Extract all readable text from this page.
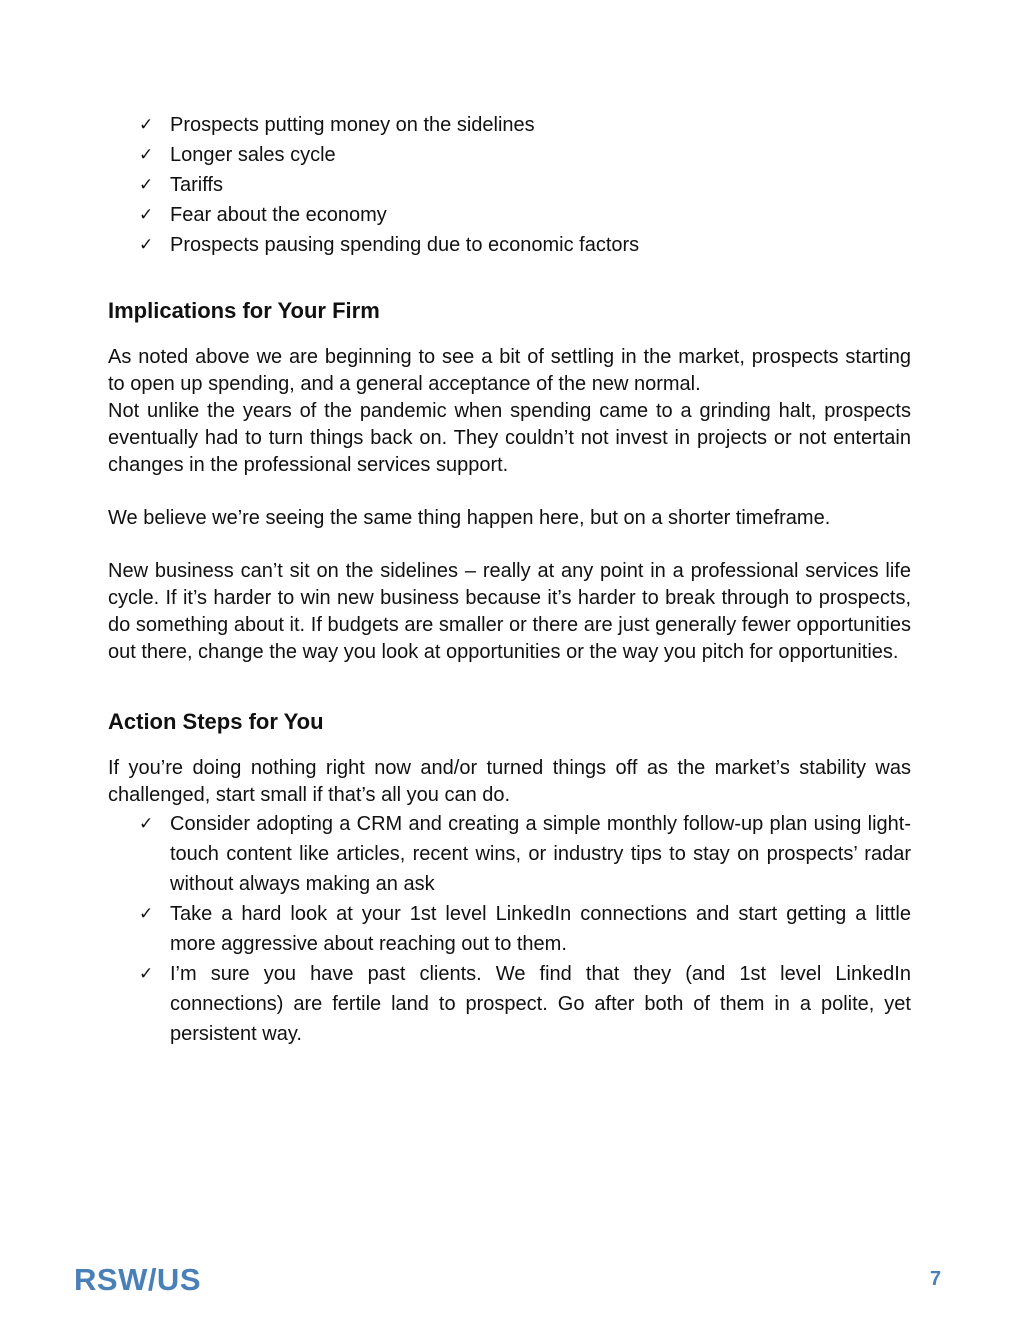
✓ Prospects putting money on the sidelines
✓ Longer sales cycle
✓ Tariffs
✓ Fear about the economy
✓ Prospects pausing spending due to economic factors
Implications for Your Firm

As noted above we are beginning to see a bit of settling in the market, prospects starting to open up spending, and a general acceptance of the new normal.

Not unlike the years of the pandemic when spending came to a grinding halt, prospects eventually had to turn things back on. They couldn’t not invest in projects or not entertain changes in the professional services support.

We believe we’re seeing the same thing happen here, but on a shorter timeframe.

New business can’t sit on the sidelines – really at any point in a professional services life cycle. If it’s harder to win new business because it’s harder to break through to prospects, do something about it. If budgets are smaller or there are just generally fewer opportunities out there, change the way you look at opportunities or the way you pitch for opportunities.

Action Steps for You

If you’re doing nothing right now and/or turned things off as the market’s stability was challenged, start small if that’s all you can do.

✓ Consider adopting a CRM and creating a simple monthly follow-up plan using light-touch content like articles, recent wins, or industry tips to stay on prospects’ radar without always making an ask
✓ Take a hard look at your 1st level LinkedIn connections and start getting a little more aggressive about reaching out to them.
✓ I’m sure you have past clients. We find that they (and 1st level LinkedIn connections) are fertile land to prospect. Go after both of them in a polite, yet persistent way.
RSW/US	7
